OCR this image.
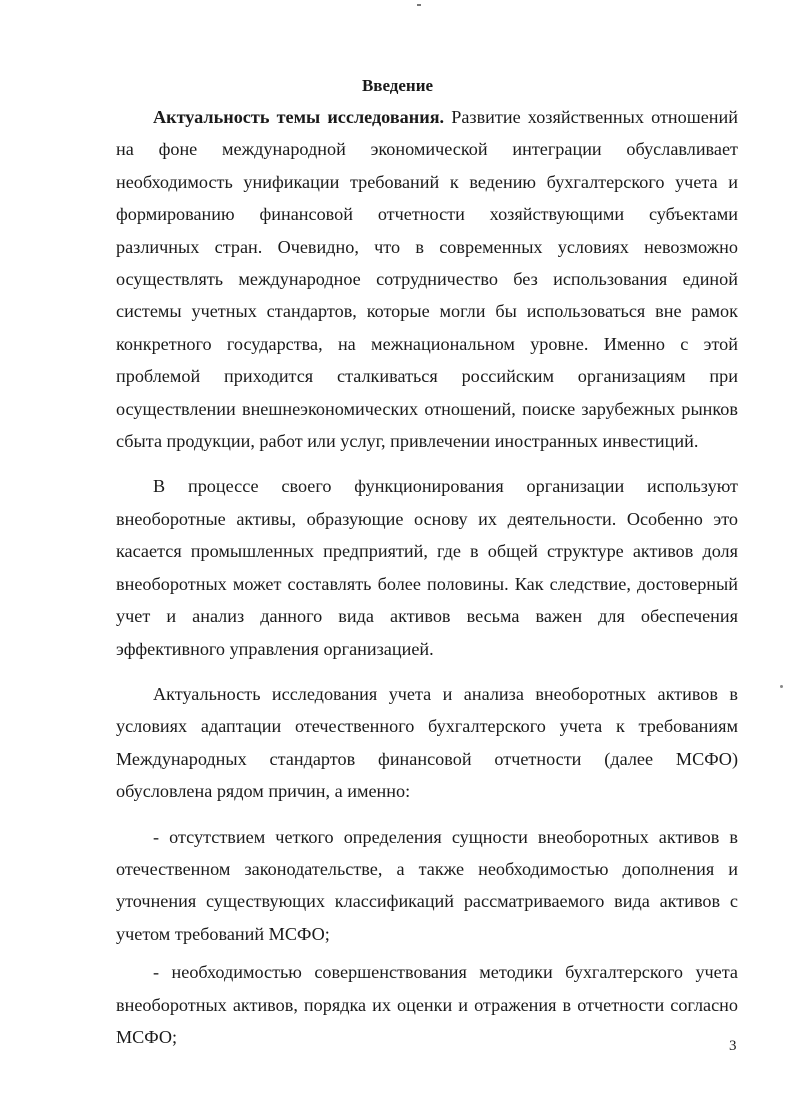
Введение

Актуальность темы исследования. Развитие хозяйственных отношений на фоне международной экономической интеграции обуславливает необходимость унификации требований к ведению бухгалтерского учета и формированию финансовой отчетности хозяйствующими субъектами различных стран. Очевидно, что в современных условиях невозможно осуществлять международное сотрудничество без использования единой системы учетных стандартов, которые могли бы использоваться вне рамок конкретного государства, на межнациональном уровне. Именно с этой проблемой приходится сталкиваться российским организациям при осуществлении внешнеэкономических отношений, поиске зарубежных рынков сбыта продукции, работ или услуг, привлечении иностранных инвестиций.

В процессе своего функционирования организации используют внеоборотные активы, образующие основу их деятельности. Особенно это касается промышленных предприятий, где в общей структуре активов доля внеоборотных может составлять более половины. Как следствие, достоверный учет и анализ данного вида активов весьма важен для обеспечения эффективного управления организацией.

Актуальность исследования учета и анализа внеоборотных активов в условиях адаптации отечественного бухгалтерского учета к требованиям Международных стандартов финансовой отчетности (далее МСФО) обусловлена рядом причин, а именно:

- отсутствием четкого определения сущности внеоборотных активов в отечественном законодательстве, а также необходимостью дополнения и уточнения существующих классификаций рассматриваемого вида активов с учетом требований МСФО;

- необходимостью совершенствования методики бухгалтерского учета внеоборотных активов, порядка их оценки и отражения в отчетности согласно МСФО;	3
